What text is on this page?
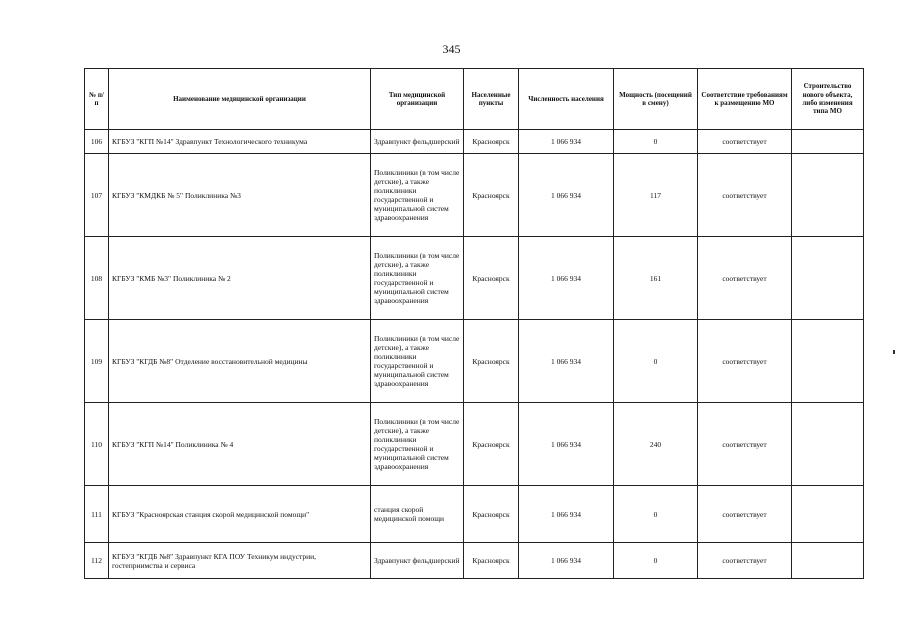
345
№ п/п	Наименование медицинской организации	Тип медицинской организации	Населенные пункты	Численность населения	Мощность (посещений в смену)	Соответствие требованиям к размещению МО	Строительство нового объекта, либо изменения типа МО
106	КГБУЗ "КГП №14" Здравпункт Технологического техникума	Здравпункт фельдшерский	Красноярск	1 066 934	0	соответствует	
107	КГБУЗ "КМДКБ № 5" Поликлиника №3	Поликлиники (в том числе детские), а также поликлиники государственной и муниципальной систем здравоохранения	Красноярск	1 066 934	117	соответствует	
108	КГБУЗ "КМБ №3" Поликлиника № 2	Поликлиники (в том числе детские), а также поликлиники государственной и муниципальной систем здравоохранения	Красноярск	1 066 934	161	соответствует	
109	КГБУЗ "КГДБ №8" Отделение восстановительной медицины	Поликлиники (в том числе детские), а также поликлиники государственной и муниципальной систем здравоохранения	Красноярск	1 066 934	0	соответствует	
110	КГБУЗ "КГП №14" Поликлиника № 4	Поликлиники (в том числе детские), а также поликлиники государственной и муниципальной систем здравоохранения	Красноярск	1 066 934	240	соответствует	
111	КГБУЗ "Красноярская станция скорой медицинской помощи"	станция скорой медицинской помощи	Красноярск	1 066 934	0	соответствует	
112	КГБУЗ "КГДБ №8" Здравпункт КГА ПОУ Техникум индустрии, гостеприимства и сервиса	Здравпункт фельдшерский	Красноярск	1 066 934	0	соответствует	
